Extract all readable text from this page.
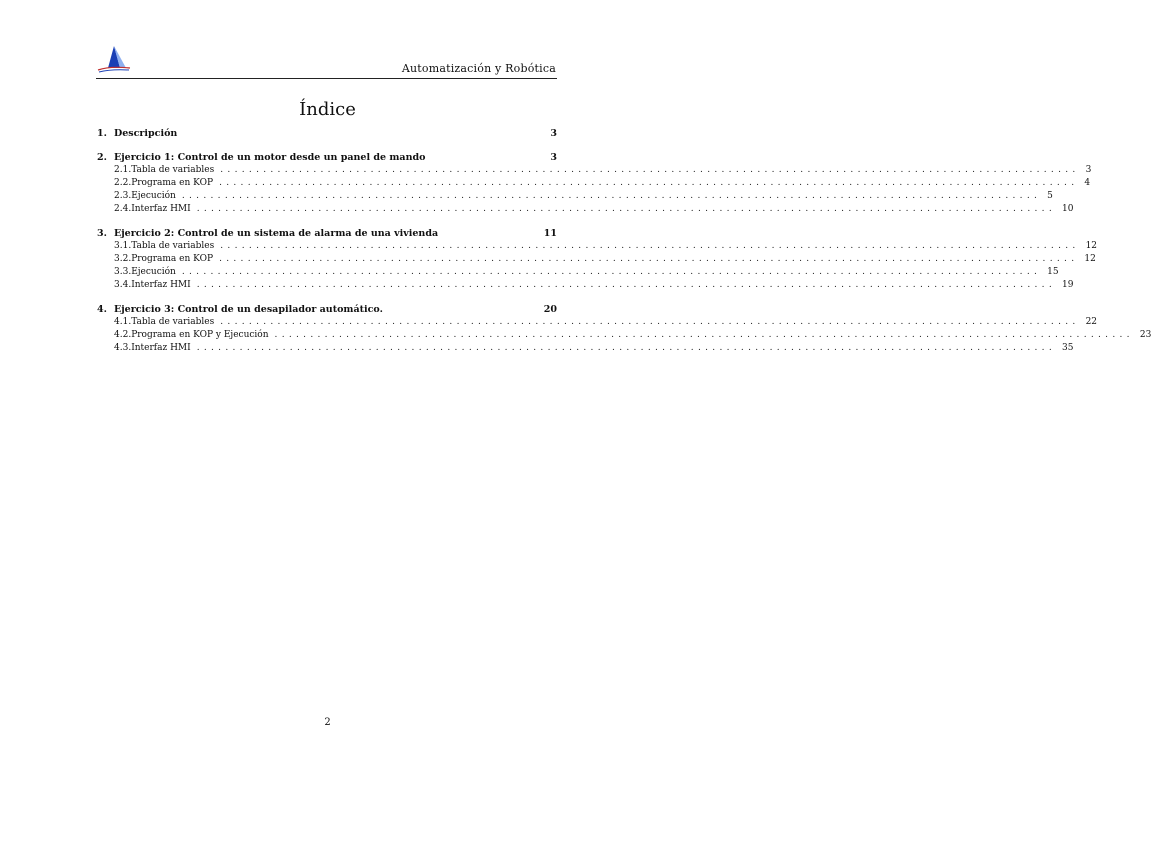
Automatización y Robótica
Índice
1. Descripción	3
2. Ejercicio 1: Control de un motor desde un panel de mando	3
2.1. Tabla de variables ........................................................................................................................ 3
2.2. Programa en KOP ........................................................................................................................ 4
2.3. Ejecución ........................................................................................................................ 5
2.4. Interfaz HMI ........................................................................................................................ 10
3. Ejercicio 2: Control de un sistema de alarma de una vivienda	11
3.1. Tabla de variables ........................................................................................................................ 12
3.2. Programa en KOP ........................................................................................................................ 12
3.3. Ejecución ........................................................................................................................ 15
3.4. Interfaz HMI ........................................................................................................................ 19
4. Ejercicio 3: Control de un desapilador automático.	20
4.1. Tabla de variables ........................................................................................................................ 22
4.2. Programa en KOP y Ejecución ........................................................................................................................ 23
4.3. Interfaz HMI ........................................................................................................................ 35
2
